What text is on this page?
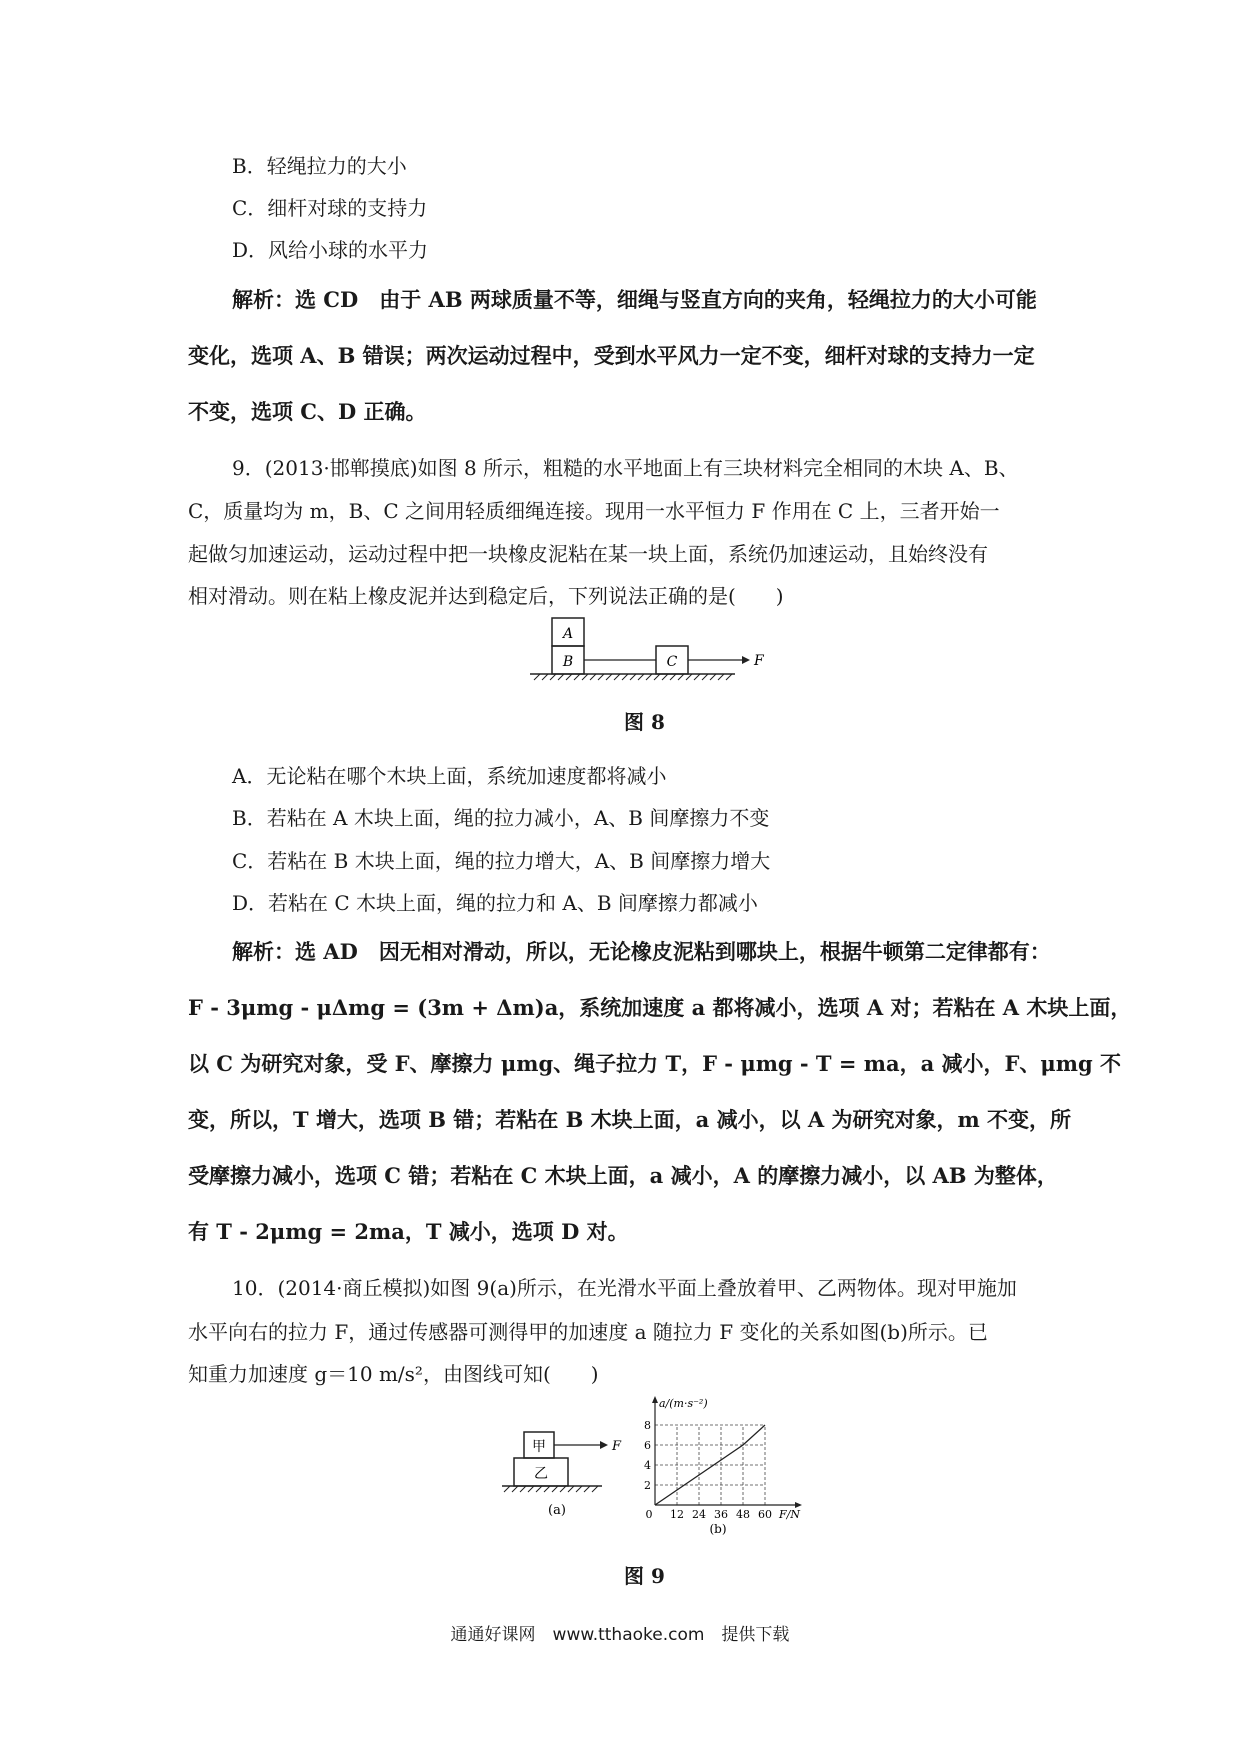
B．轻绳拉力的大小
C．细杆对球的支持力
D．风给小球的水平力
解析：选 CD　由于 AB 两球质量不等，细绳与竖直方向的夹角，轻绳拉力的大小可能
变化，选项 A、B 错误；两次运动过程中，受到水平风力一定不变，细杆对球的支持力一定
不变，选项 C、D 正确。
9．(2013·邯郸摸底)如图 8 所示，粗糙的水平地面上有三块材料完全相同的木块 A、B、
C，质量均为 m，B、C 之间用轻质细绳连接。现用一水平恒力 F 作用在 C 上，三者开始一
起做匀加速运动，运动过程中把一块橡皮泥粘在某一块上面，系统仍加速运动，且始终没有
相对滑动。则在粘上橡皮泥并达到稳定后，下列说法正确的是(　　)
A
B	C	F
图 8
A．无论粘在哪个木块上面，系统加速度都将减小
B．若粘在 A 木块上面，绳的拉力减小，A、B 间摩擦力不变
C．若粘在 B 木块上面，绳的拉力增大，A、B 间摩擦力增大
D．若粘在 C 木块上面，绳的拉力和 A、B 间摩擦力都减小
解析：选 AD　因无相对滑动，所以，无论橡皮泥粘到哪块上，根据牛顿第二定律都有：
F - 3μmg - μΔmg = (3m + Δm)a，系统加速度 a 都将减小，选项 A 对；若粘在 A 木块上面，
以 C 为研究对象，受 F、摩擦力 μmg、绳子拉力 T，F - μmg - T = ma，a 减小，F、μmg 不
变，所以，T 增大，选项 B 错；若粘在 B 木块上面，a 减小，以 A 为研究对象，m 不变，所
受摩擦力减小，选项 C 错；若粘在 C 木块上面，a 减小，A 的摩擦力减小，以 AB 为整体，
有 T - 2μmg = 2ma，T 减小，选项 D 对。
10．(2014·商丘模拟)如图 9(a)所示，在光滑水平面上叠放着甲、乙两物体。现对甲施加
水平向右的拉力 F，通过传感器可测得甲的加速度 a 随拉力 F 变化的关系如图(b)所示。已
知重力加速度 g＝10 m/s²，由图线可知(　　)
甲
乙
F
(a)	0 12 24 36 48 60
2
4
6
8
a/(m·s⁻²)
F/N
(b)
图 9
通通好课网　www.tthaoke.com　提供下载
